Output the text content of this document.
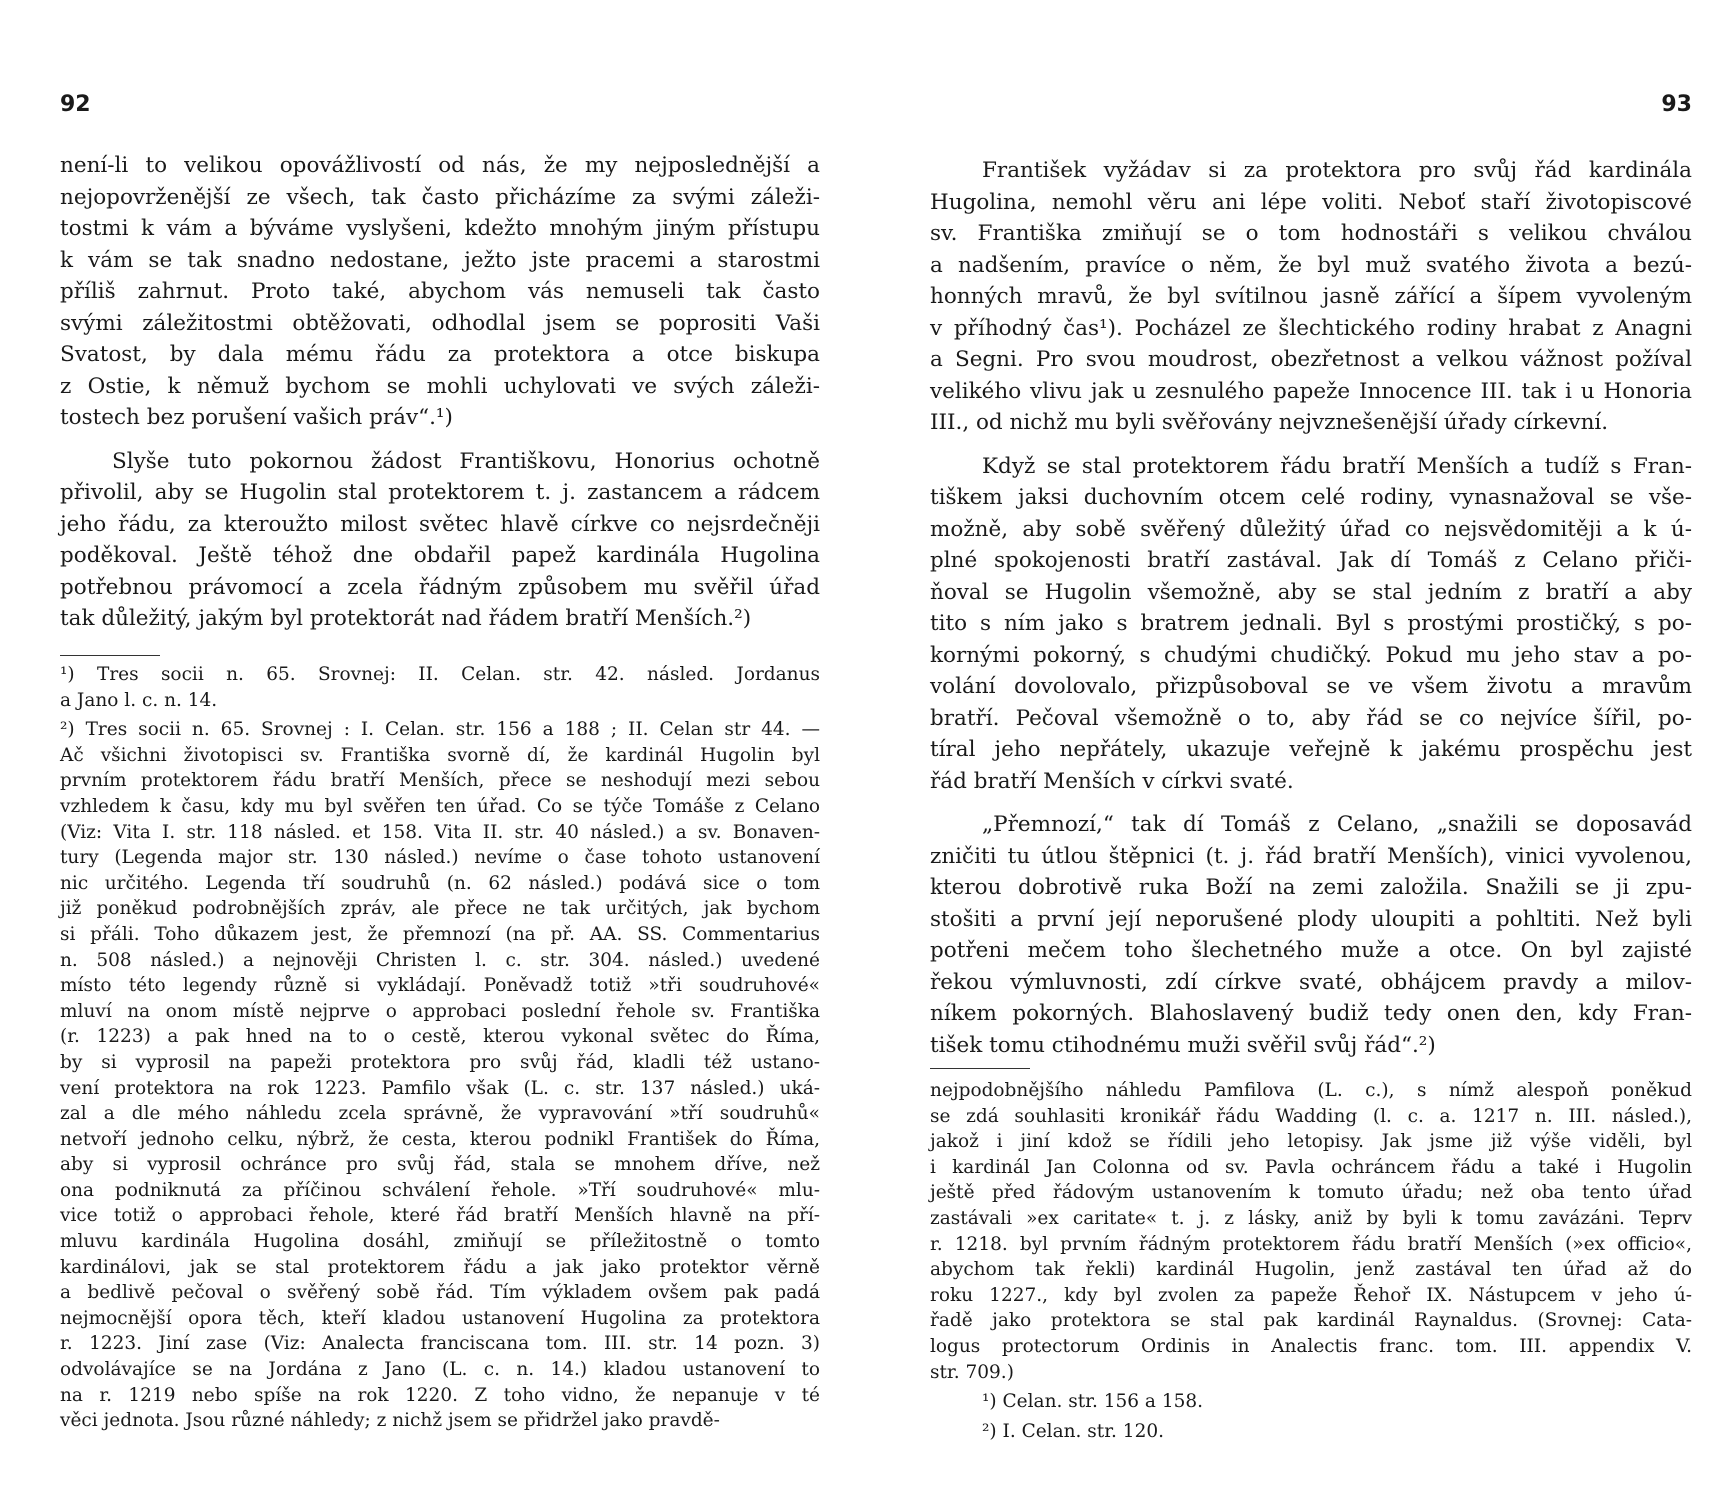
92
není-li to velikou opovážlivostí od nás, že my nejposlednější a
nejopovrženější ze všech, tak často přicházíme za svými záleži-
tostmi k vám a býváme vyslyšeni, kdežto mnohým jiným přístupu
k vám se tak snadno nedostane, ježto jste pracemi a starostmi
příliš zahrnut. Proto také, abychom vás nemuseli tak často
svými záležitostmi obtěžovati, odhodlal jsem se poprositi Vaši
Svatost, by dala mému řádu za protektora a otce biskupa
z Ostie, k němuž bychom se mohli uchylovati ve svých záleži-
tostech bez porušení vašich práv“.¹)
Slyše tuto pokornou žádost Františkovu, Honorius ochotně
přivolil, aby se Hugolin stal protektorem t. j. zastancem a rádcem
jeho řádu, za kteroužto milost světec hlavě církve co nejsrdečněji
poděkoval. Ještě téhož dne obdařil papež kardinála Hugolina
potřebnou právomocí a zcela řádným způsobem mu svěřil úřad
tak důležitý, jakým byl protektorát nad řádem bratří Menších.²)
¹) Tres socii n. 65. Srovnej: II. Celan. str. 42. násled. Jordanus
a Jano l. c. n. 14.
²) Tres socii n. 65. Srovnej : I. Celan. str. 156 a 188 ; II. Celan str 44. —
Ač všichni životopisci sv. Františka svorně dí, že kardinál Hugolin byl
prvním protektorem řádu bratří Menších, přece se neshodují mezi sebou
vzhledem k času, kdy mu byl svěřen ten úřad. Co se týče Tomáše z Celano
(Viz: Vita I. str. 118 násled. et 158. Vita II. str. 40 násled.) a sv. Bonaven-
tury (Legenda major str. 130 násled.) nevíme o čase tohoto ustanovení
nic určitého. Legenda tří soudruhů (n. 62 násled.) podává sice o tom
již poněkud podrobnějších zpráv, ale přece ne tak určitých, jak bychom
si přáli. Toho důkazem jest, že přemnozí (na př. AA. SS. Commentarius
n. 508 násled.) a nejnověji Christen l. c. str. 304. násled.) uvedené
místo této legendy různě si vykládají. Poněvadž totiž »tři soudruhové«
mluví na onom místě nejprve o approbaci poslední řehole sv. Františka
(r. 1223) a pak hned na to o cestě, kterou vykonal světec do Říma,
by si vyprosil na papeži protektora pro svůj řád, kladli též ustano-
vení protektora na rok 1223. Pamfilo však (L. c. str. 137 násled.) uká-
zal a dle mého náhledu zcela správně, že vypravování »tří soudruhů«
netvoří jednoho celku, nýbrž, že cesta, kterou podnikl František do Říma,
aby si vyprosil ochránce pro svůj řád, stala se mnohem dříve, než
ona podniknutá za příčinou schválení řehole. »Tří soudruhové« mlu-
vice totiž o approbaci řehole, které řád bratří Menších hlavně na pří-
mluvu kardinála Hugolina dosáhl, zmiňují se příležitostně o tomto
kardinálovi, jak se stal protektorem řádu a jak jako protektor věrně
a bedlivě pečoval o svěřený sobě řád. Tím výkladem ovšem pak padá
nejmocnější opora těch, kteří kladou ustanovení Hugolina za protektora
r. 1223. Jiní zase (Viz: Analecta franciscana tom. III. str. 14 pozn. 3)
odvolávajíce se na Jordána z Jano (L. c. n. 14.) kladou ustanovení to
na r. 1219 nebo spíše na rok 1220. Z toho vidno, že nepanuje v té
věci jednota. Jsou různé náhledy; z nichž jsem se přidržel jako pravdě-
93
František vyžádav si za protektora pro svůj řád kardinála
Hugolina, nemohl věru ani lépe voliti. Neboť staří životopiscové
sv. Františka zmiňují se o tom hodnostáři s velikou chválou
a nadšením, pravíce o něm, že byl muž svatého života a bezú-
honných mravů, že byl svítilnou jasně zářící a šípem vyvoleným
v příhodný čas¹). Pocházel ze šlechtického rodiny hrabat z Anagni
a Segni. Pro svou moudrost, obezřetnost a velkou vážnost požíval
velikého vlivu jak u zesnulého papeže Innocence III. tak i u Honoria
III., od nichž mu byli svěřovány nejvznešenější úřady církevní.
Když se stal protektorem řádu bratří Menších a tudíž s Fran-
tiškem jaksi duchovním otcem celé rodiny, vynasnažoval se vše-
možně, aby sobě svěřený důležitý úřad co nejsvědomitěji a k ú-
plné spokojenosti bratří zastával. Jak dí Tomáš z Celano přiči-
ňoval se Hugolin všemožně, aby se stal jedním z bratří a aby
tito s ním jako s bratrem jednali. Byl s prostými prostičký, s po-
kornými pokorný, s chudými chudičký. Pokud mu jeho stav a po-
volání dovolovalo, přizpůsoboval se ve všem životu a mravům
bratří. Pečoval všemožně o to, aby řád se co nejvíce šířil, po-
tíral jeho nepřátely, ukazuje veřejně k jakému prospěchu jest
řád bratří Menších v církvi svaté.
„Přemnozí,“ tak dí Tomáš z Celano, „snažili se doposavád
zničiti tu útlou štěpnici (t. j. řád bratří Menších), vinici vyvolenou,
kterou dobrotivě ruka Boží na zemi založila. Snažili se ji zpu-
stošiti a první její neporušené plody uloupiti a pohltiti. Než byli
potřeni mečem toho šlechetného muže a otce. On byl zajisté
řekou výmluvnosti, zdí církve svaté, obhájcem pravdy a milov-
níkem pokorných. Blahoslavený budiž tedy onen den, kdy Fran-
tišek tomu ctihodnému muži svěřil svůj řád“.²)
nejpodobnějšího náhledu Pamfilova (L. c.), s nímž alespoň poněkud
se zdá souhlasiti kronikář řádu Wadding (l. c. a. 1217 n. III. násled.),
jakož i jiní kdož se řídili jeho letopisy. Jak jsme již výše viděli, byl
i kardinál Jan Colonna od sv. Pavla ochráncem řádu a také i Hugolin
ještě před řádovým ustanovením k tomuto úřadu; než oba tento úřad
zastávali »ex caritate« t. j. z lásky, aniž by byli k tomu zavázáni. Teprv
r. 1218. byl prvním řádným protektorem řádu bratří Menších (»ex officio«,
abychom tak řekli) kardinál Hugolin, jenž zastával ten úřad až do
roku 1227., kdy byl zvolen za papeže Řehoř IX. Nástupcem v jeho ú-
řadě jako protektora se stal pak kardinál Raynaldus. (Srovnej: Cata-
logus protectorum Ordinis in Analectis franc. tom. III. appendix V.
str. 709.)
¹) Celan. str. 156 a 158.
²) I. Celan. str. 120.
